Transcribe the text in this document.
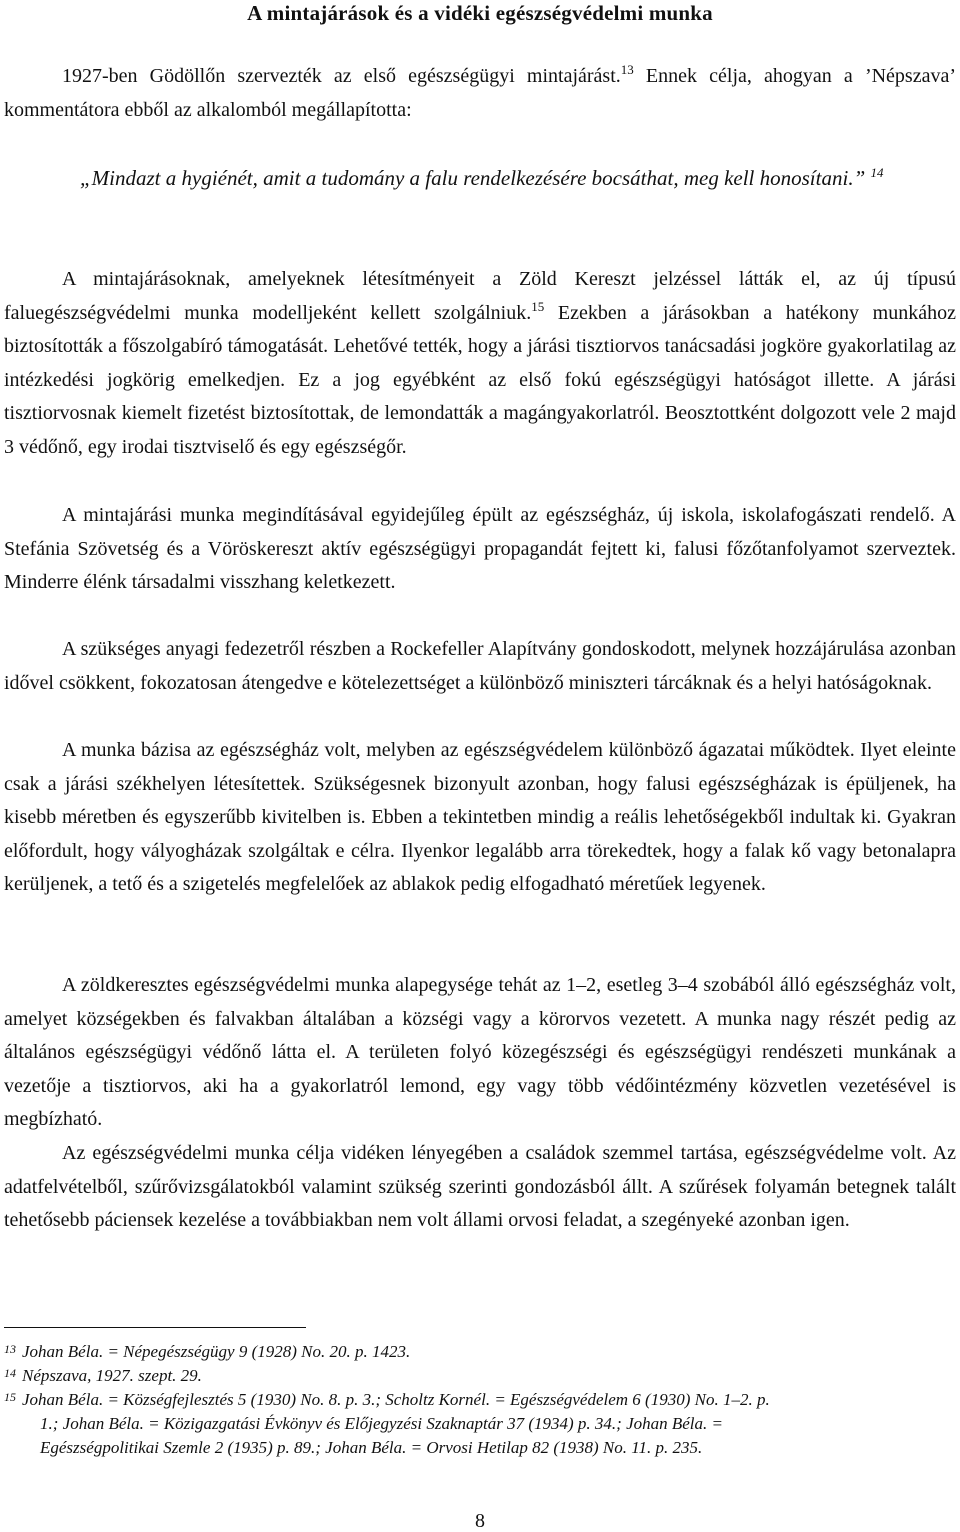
A mintajárások és a vidéki egészségvédelmi munka

1927-ben Gödöllőn szervezték az első egészségügyi mintajárást.$^{13}$ Ennek célja, ahogyan a ’Népszava’ kommentátora ebből az alkalomból megállapította:

„Mindazt a hygiénét, amit a tudomány a falu rendelkezésére bocsáthat, meg kell honosítani.” $^{14}$

A mintajárásoknak, amelyeknek létesítményeit a Zöld Kereszt jelzéssel látták el, az új típusú faluegészségvédelmi munka modelljeként kellett szolgálniuk.$^{15}$ Ezekben a járásokban a hatékony munkához biztosították a főszolgabíró támogatását. Lehetővé tették, hogy a járási tisztiorvos tanácsadási jogköre gyakorlatilag az intézkedési jogkörig emelkedjen. Ez a jog egyébként az első fokú egészségügyi hatóságot illette. A járási tisztiorvosnak kiemelt fizetést biztosítottak, de lemondatták a magángyakorlatról. Beosztottként dolgozott vele 2 majd 3 védőnő, egy irodai tisztviselő és egy egészségőr.

A mintajárási munka megindításával egyidejűleg épült az egészségház, új iskola, iskolafogászati rendelő. A Stefánia Szövetség és a Vöröskereszt aktív egészségügyi propagandát fejtett ki, falusi főzőtanfolyamot szerveztek. Minderre élénk társadalmi visszhang keletkezett.

A szükséges anyagi fedezetről részben a Rockefeller Alapítvány gondoskodott, melynek hozzájárulása azonban idővel csökkent, fokozatosan átengedve e kötelezettséget a különböző miniszteri tárcáknak és a helyi hatóságoknak.

A munka bázisa az egészségház volt, melyben az egészségvédelem különböző ágazatai működtek. Ilyet eleinte csak a járási székhelyen létesítettek. Szükségesnek bizonyult azonban, hogy falusi egészségházak is épüljenek, ha kisebb méretben és egyszerűbb kivitelben is. Ebben a tekintetben mindig a reális lehetőségekből indultak ki. Gyakran előfordult, hogy vályogházak szolgáltak e célra. Ilyenkor legalább arra törekedtek, hogy a falak kő vagy betonalapra kerüljenek, a tető és a szigetelés megfelelőek az ablakok pedig elfogadható méretűek legyenek.

A zöldkeresztes egészségvédelmi munka alapegysége tehát az 1–2, esetleg 3–4 szobából álló egészségház volt, amelyet községekben és falvakban általában a községi vagy a körorvos vezetett. A munka nagy részét pedig az általános egészségügyi védőnő látta el. A területen folyó közegészségi és egészségügyi rendészeti munkának a vezetője a tisztiorvos, aki ha a gyakorlatról lemond, egy vagy több védőintézmény közvetlen vezetésével is megbízható.

Az egészségvédelmi munka célja vidéken lényegében a családok szemmel tartása, egészségvédelme volt. Az adatfelvételből, szűrővizsgálatokból valamint szükség szerinti gondozásból állt. A szűrések folyamán betegnek talált tehetősebb páciensek kezelése a továbbiakban nem volt állami orvosi feladat, a szegényeké azonban igen.

13 Johan Béla. = Népegészségügy 9 (1928) No. 20. p. 1423.

14 Népszava, 1927. szept. 29.

15 Johan Béla. = Községfejlesztés 5 (1930) No. 8. p. 3.; Scholtz Kornél. = Egészségvédelem 6 (1930) No. 1–2. p.

1.; Johan Béla. = Közigazgatási Évkönyv és Előjegyzési Szaknaptár 37 (1934) p. 34.; Johan Béla. =

Egészségpolitikai Szemle 2 (1935) p. 89.; Johan Béla. = Orvosi Hetilap 82 (1938) No. 11. p. 235.

8
